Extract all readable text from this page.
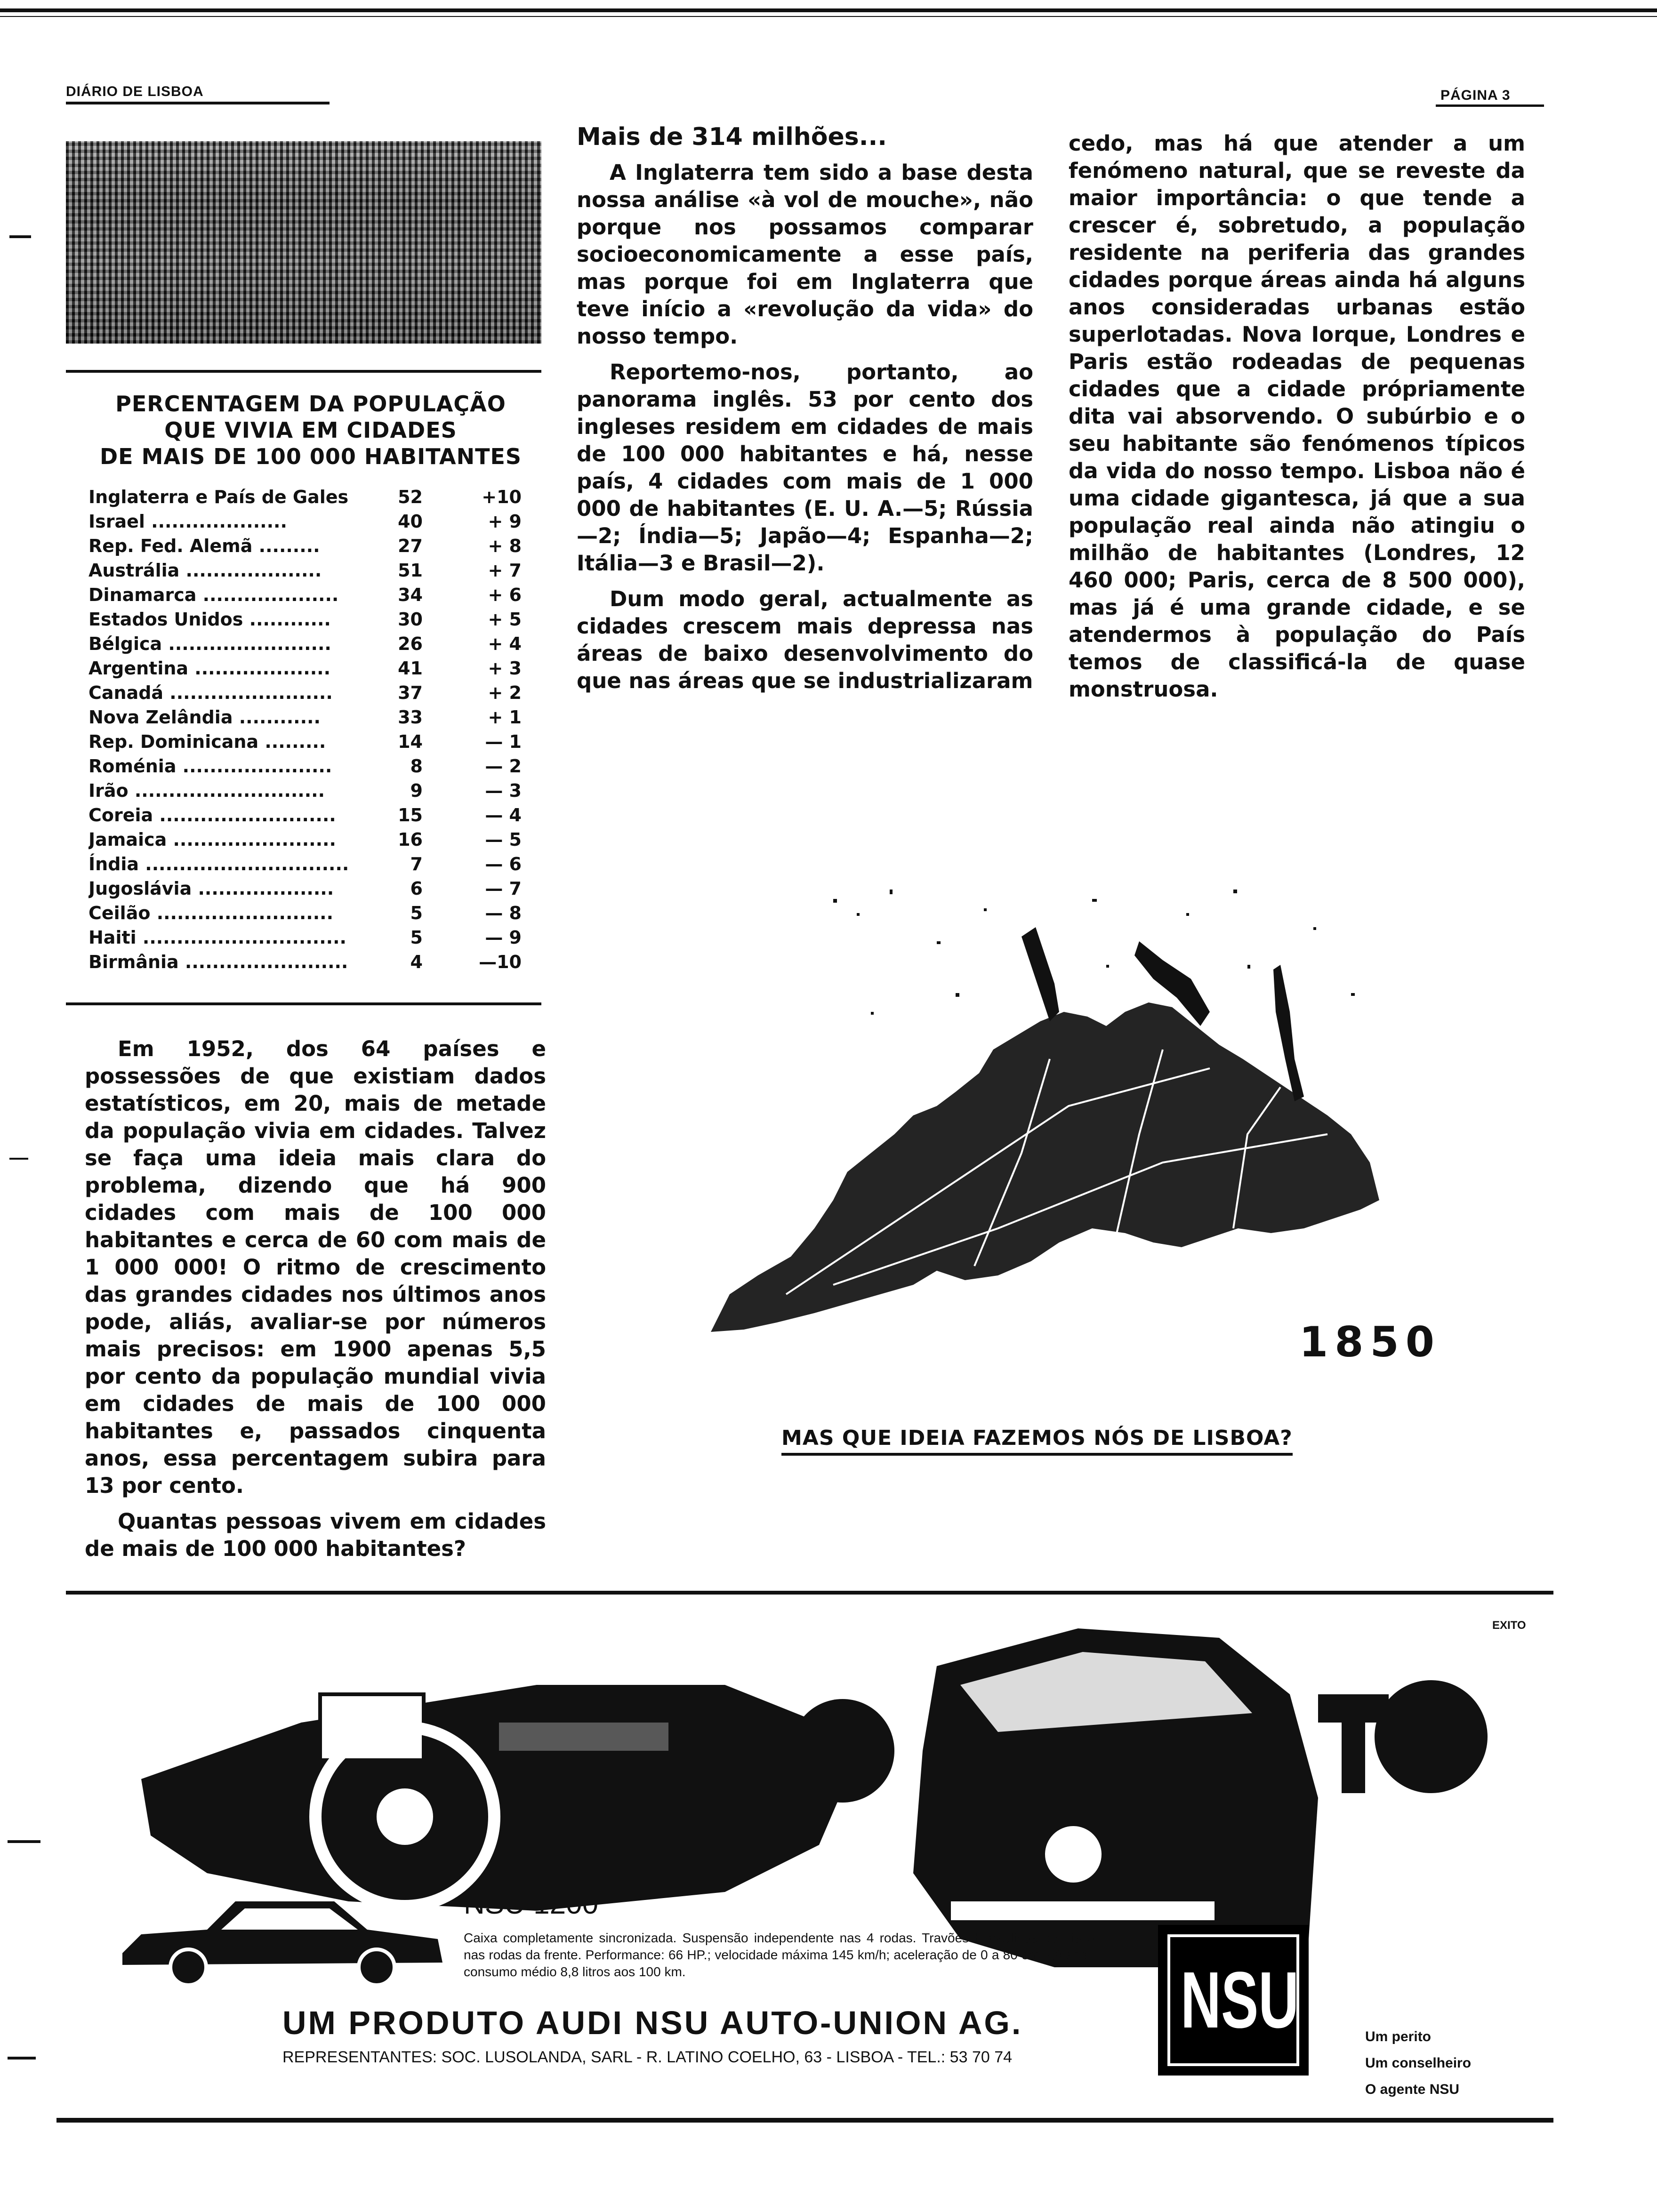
DIÁRIO DE LISBOA	PÁGINA 3
PERCENTAGEM DA POPULAÇÃO
QUE VIVIA EM CIDADES
DE MAIS DE 100 000 HABITANTES
Inglaterra e País de Gales	52	+10
Israel ....................	40	+ 9
Rep. Fed. Alemã .........	27	+ 8
Austrália ....................	51	+ 7
Dinamarca ....................	34	+ 6
Estados Unidos ............	30	+ 5
Bélgica ........................	26	+ 4
Argentina ....................	41	+ 3
Canadá ........................	37	+ 2
Nova Zelândia ............	33	+ 1
Rep. Dominicana .........	14	— 1
Roménia ......................	8	— 2
Irão ............................	9	— 3
Coreia ..........................	15	— 4
Jamaica ........................	16	— 5
Índia ..............................	7	— 6
Jugoslávia ....................	6	— 7
Ceilão ..........................	5	— 8
Haiti ..............................	5	— 9
Birmânia ........................	4	—10

Em 1952, dos 64 países e possessões de que existiam dados estatísticos, em 20, mais de metade da população vivia em cidades. Talvez se faça uma ideia mais clara do problema, dizendo que há 900 cidades com mais de 100 000 habitantes e cerca de 60 com mais de 1 000 000! O ritmo de crescimento das grandes cidades nos últimos anos pode, aliás, avaliar-se por números mais precisos: em 1900 apenas 5,5 por cento da população mundial vivia em cidades de mais de 100 000 habitantes e, passados cinquenta anos, essa percentagem subira para 13 por cento.

Quantas pessoas vivem em cidades de mais de 100 000 habitantes?

Mais de 314 milhões...

A Inglaterra tem sido a base desta nossa análise «à vol de mouche», não porque nos possamos comparar socioeconomicamente a esse país, mas porque foi em Inglaterra que teve início a «revolução da vida» do nosso tempo.

Reportemo-nos, portanto, ao panorama inglês. 53 por cento dos ingleses residem em cidades de mais de 100 000 habitantes e há, nesse país, 4 cidades com mais de 1 000 000 de habitantes (E. U. A.—5; Rússia—2; Índia—5; Japão—4; Espanha—2; Itália—3 e Brasil—2).

Dum modo geral, actualmente as cidades crescem mais depressa nas áreas de baixo desenvolvimento do que nas áreas que se industrializaram

cedo, mas há que atender a um fenómeno natural, que se reveste da maior importância: o que tende a crescer é, sobretudo, a população residente na periferia das grandes cidades porque áreas ainda há alguns anos consideradas urbanas estão superlotadas. Nova Iorque, Londres e Paris estão rodeadas de pequenas cidades que a cidade própriamente dita vai absorvendo. O subúrbio e o seu habitante são fenómenos típicos da vida do nosso tempo. Lisboa não é uma cidade gigantesca, já que a sua população real ainda não atingiu o milhão de habitantes (Londres, 12 460 000; Paris, cerca de 8 500 000), mas já é uma grande cidade, e se atendermos à população do País temos de classificá-la de quase monstruosa.

1850
MAS QUE IDEIA FAZEMOS NÓS DE LISBOA?
EXITO
NSU 1200
Caixa completamente sincronizada. Suspensão independente nas 4 rodas. Travões hidráulicos de disco nas rodas da frente. Performance: 66 HP.; velocidade máxima 145 km/h; aceleração de 0 a 80 em 9,8 seg.; consumo médio 8,8 litros aos 100 km.
UM PRODUTO AUDI NSU AUTO-UNION AG.
REPRESENTANTES: SOC. LUSOLANDA, SARL - R. LATINO COELHO, 63 - LISBOA - TEL.: 53 70 74
NSU	Um perito
Um conselheiro
O agente NSU
